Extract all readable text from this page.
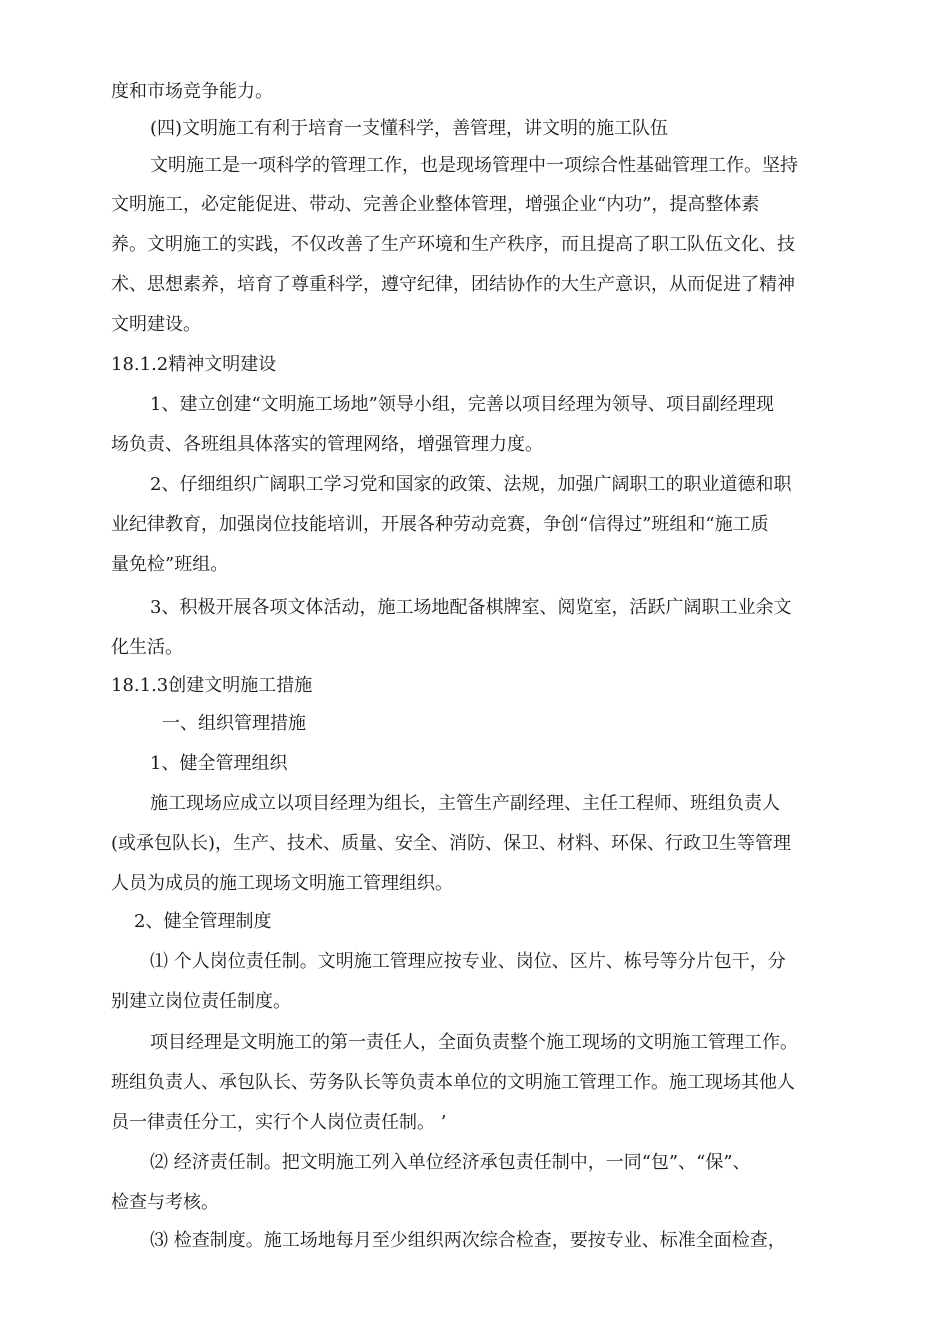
度和市场竞争能力。
(四)文明施工有利于培育一支懂科学，善管理，讲文明的施工队伍
文明施工是一项科学的管理工作，也是现场管理中一项综合性基础管理工作。坚持
文明施工，必定能促进、带动、完善企业整体管理，增强企业“内功”，提高整体素
养。文明施工的实践，不仅改善了生产环境和生产秩序，而且提高了职工队伍文化、技
术、思想素养，培育了尊重科学，遵守纪律，团结协作的大生产意识，从而促进了精神
文明建设。
18.1.2精神文明建设
1、建立创建“文明施工场地”领导小组，完善以项目经理为领导、项目副经理现
场负责、各班组具体落实的管理网络，增强管理力度。
2、仔细组织广阔职工学习党和国家的政策、法规，加强广阔职工的职业道德和职
业纪律教育，加强岗位技能培训，开展各种劳动竞赛，争创“信得过”班组和“施工质
量免检”班组。
3、积极开展各项文体活动，施工场地配备棋牌室、阅览室，活跃广阔职工业余文
化生活。
18.1.3创建文明施工措施
一、组织管理措施
1、健全管理组织
施工现场应成立以项目经理为组长，主管生产副经理、主任工程师、班组负责人
(或承包队长)，生产、技术、质量、安全、消防、保卫、材料、环保、行政卫生等管理
人员为成员的施工现场文明施工管理组织。
2、健全管理制度
⑴ 个人岗位责任制。文明施工管理应按专业、岗位、区片、栋号等分片包干，分
别建立岗位责任制度。
项目经理是文明施工的第一责任人，全面负责整个施工现场的文明施工管理工作。
班组负责人、承包队长、劳务队长等负责本单位的文明施工管理工作。施工现场其他人
员一律责任分工，实行个人岗位责任制。 ’
⑵ 经济责任制。把文明施工列入单位经济承包责任制中，一同“包”、“保”、
检查与考核。
⑶ 检查制度。施工场地每月至少组织两次综合检查，要按专业、标准全面检查，
